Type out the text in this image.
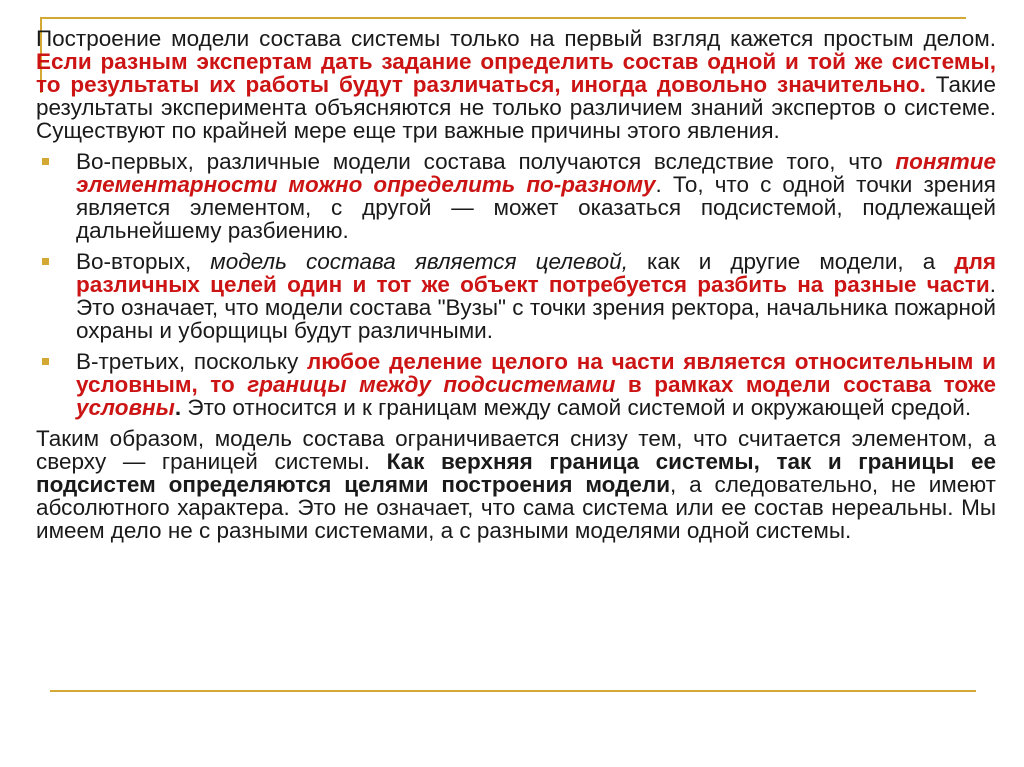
Построение модели состава системы только на первый взгляд кажется простым делом. Если разным экспертам дать задание определить состав одной и той же системы, то результаты их работы будут различаться, иногда довольно значительно. Такие результаты эксперимента объясняются не только различием знаний экспертов о системе. Существуют по крайней мере еще три важные причины этого явления.

Во-первых, различные модели состава получаются вследствие того, что понятие элементарности можно определить по-разному. То, что с одной точки зрения является элементом, с другой — может оказаться подсистемой, подлежащей дальнейшему разбиению.
Во-вторых, модель состава является целевой, как и другие модели, а для различных целей один и тот же объект потребуется разбить на разные части. Это означает, что модели состава "Вузы" с точки зрения ректора, начальника пожарной охраны и уборщицы будут различными.
В-третьих, поскольку любое деление целого на части является относительным и условным, то границы между подсистемами в рамках модели состава тоже условны. Это относится и к границам между самой системой и окружающей средой.

Таким образом, модель состава ограничивается снизу тем, что считается элементом, а сверху — границей системы. Как верхняя граница системы, так и границы ее подсистем определяются целями построения модели, а следовательно, не имеют абсолютного характера. Это не означает, что сама система или ее состав нереальны. Мы имеем дело не с разными системами, а с разными моделями одной системы.
